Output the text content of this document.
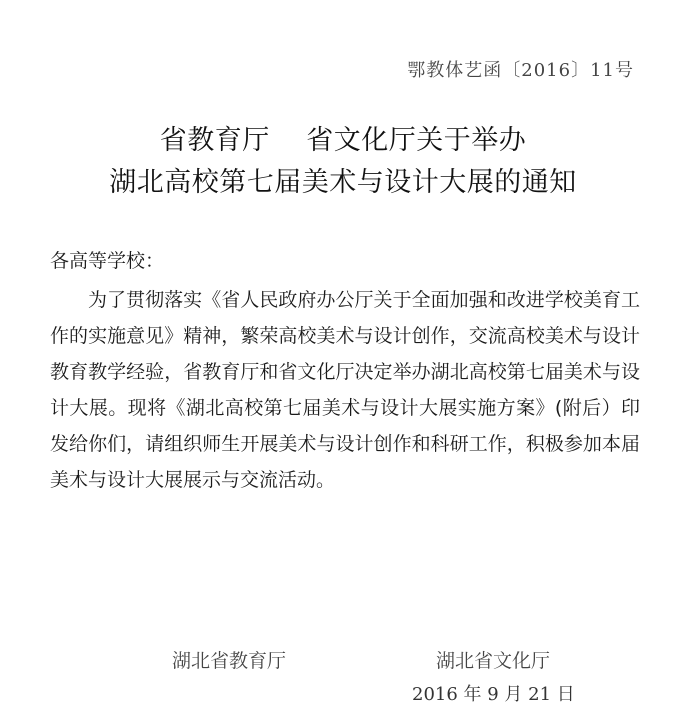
鄂教体艺函〔2016〕11号
省教育厅　 省文化厅关于举办
湖北高校第七届美术与设计大展的通知
各高等学校：

为了贯彻落实《省人民政府办公厅关于全面加强和改进学校美育工作的实施意见》精神，繁荣高校美术与设计创作，交流高校美术与设计教育教学经验，省教育厅和省文化厅决定举办湖北高校第七届美术与设计大展。现将《湖北高校第七届美术与设计大展实施方案》(附后）印发给你们，请组织师生开展美术与设计创作和科研工作，积极参加本届美术与设计大展展示与交流活动。

湖北省教育厅	湖北省文化厅
2016 年 9 月 21 日
